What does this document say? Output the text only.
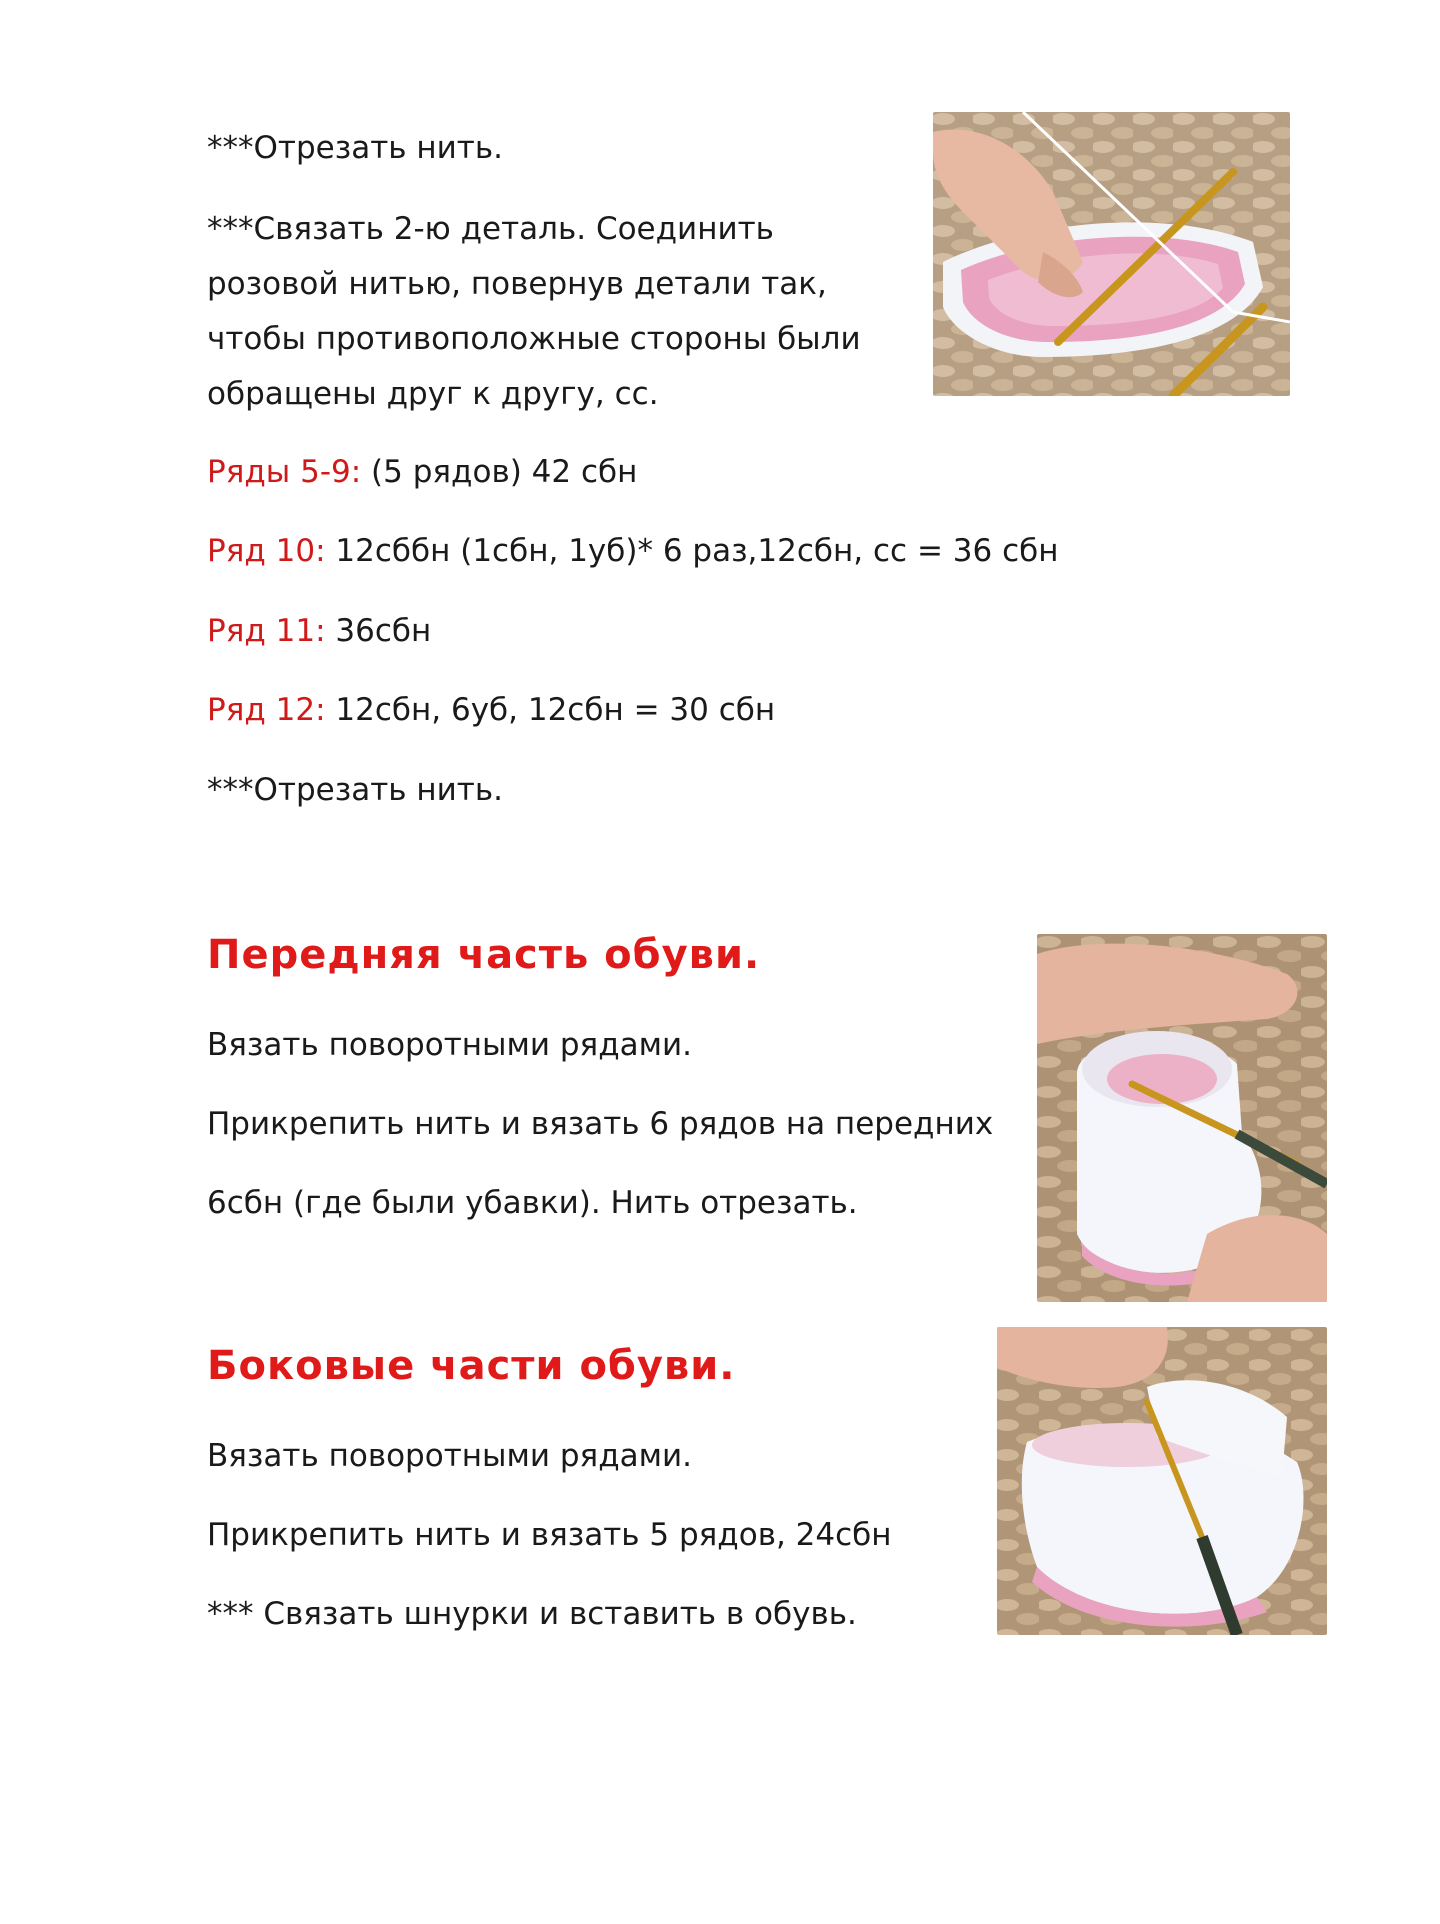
***Отрезать нить.

***Связать 2-ю деталь. Соединить

розовой нитью, повернув детали так,

чтобы противоположные стороны были

обращены друг к другу, сс.

Ряды 5-9: (5 рядов) 42 сбн

Ряд 10: 12сббн (1сбн, 1уб)* 6 раз,12сбн, сс = 36 сбн

Ряд 11: 36сбн

Ряд 12: 12сбн, 6уб, 12сбн = 30 сбн

***Отрезать нить.

Передняя часть обуви.

Вязать поворотными рядами.

Прикрепить нить и вязать 6 рядов на передних

6сбн (где были убавки). Нить отрезать.

Боковые части обуви.

Вязать поворотными рядами.

Прикрепить нить и вязать 5 рядов, 24сбн

*** Связать шнурки и вставить в обувь.
